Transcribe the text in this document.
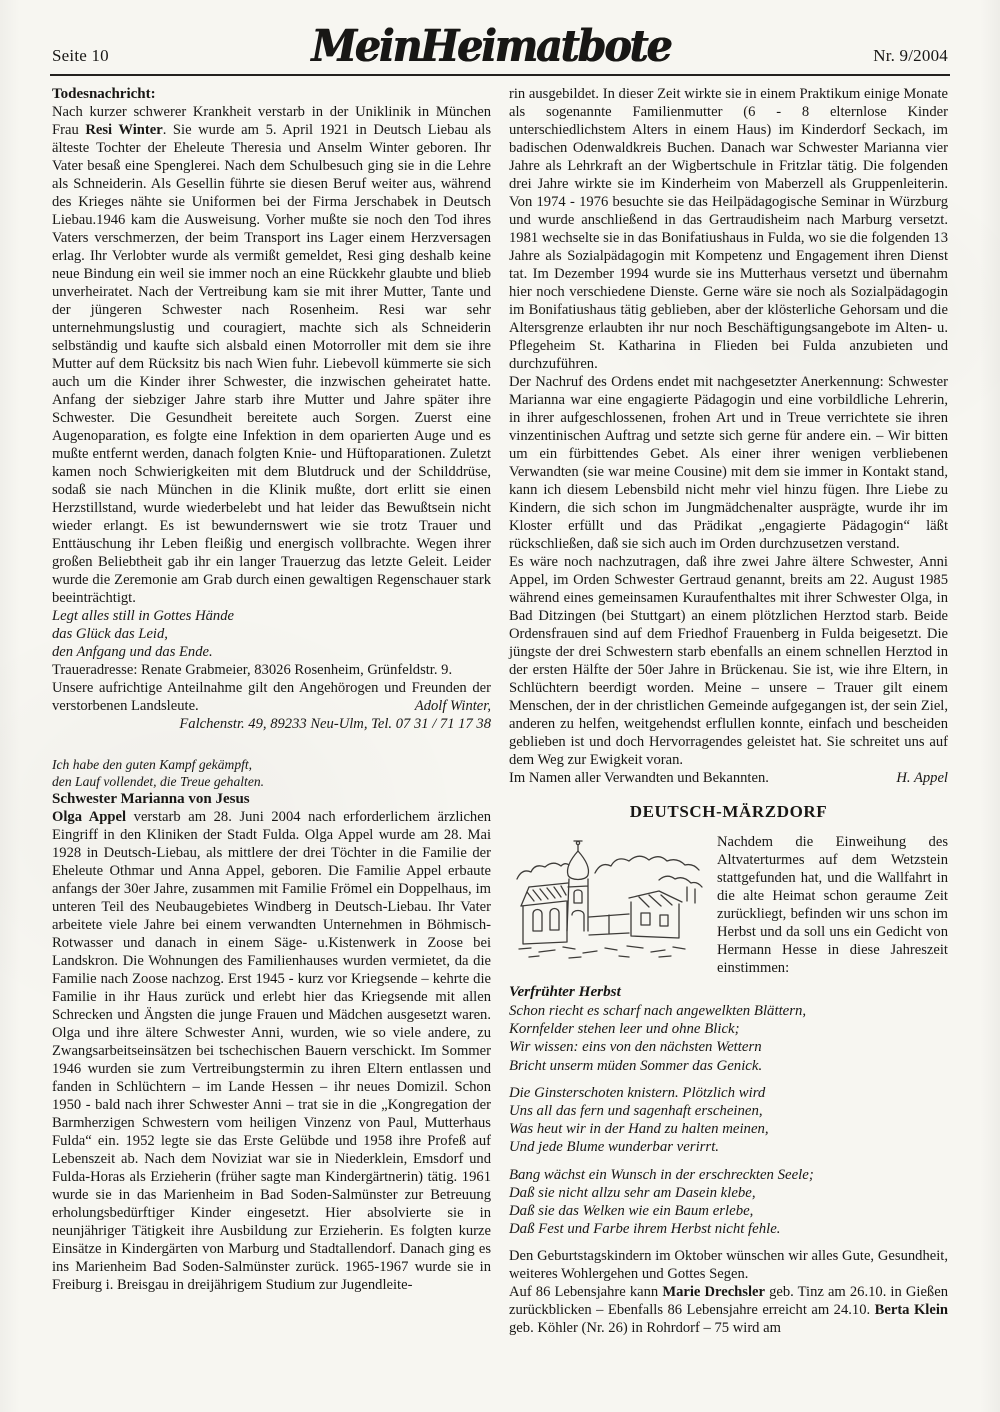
Seite 10	MeinHeimatbote	Nr. 9/2004

Todesnachricht:

Nach kurzer schwerer Krankheit verstarb in der Uniklinik in München Frau Resi Winter. Sie wurde am 5. April 1921 in Deutsch Liebau als älteste Tochter der Eheleute Theresia und Anselm Winter geboren. Ihr Vater besaß eine Spenglerei. Nach dem Schulbesuch ging sie in die Lehre als Schneiderin. Als Gesellin führte sie diesen Beruf weiter aus, während des Krieges nähte sie Uniformen bei der Firma Jerschabek in Deutsch Liebau.1946 kam die Ausweisung. Vorher mußte sie noch den Tod ihres Vaters verschmerzen, der beim Transport ins Lager einem Herzversagen erlag. Ihr Verlobter wurde als vermißt gemeldet, Resi ging deshalb keine neue Bindung ein weil sie immer noch an eine Rückkehr glaubte und blieb unverheiratet. Nach der Vertreibung kam sie mit ihrer Mutter, Tante und der jüngeren Schwester nach Rosenheim. Resi war sehr unternehmungslustig und couragiert, machte sich als Schneiderin selbständig und kaufte sich alsbald einen Motorroller mit dem sie ihre Mutter auf dem Rücksitz bis nach Wien fuhr. Liebevoll kümmerte sie sich auch um die Kinder ihrer Schwester, die inzwischen geheiratet hatte. Anfang der siebziger Jahre starb ihre Mutter und Jahre später ihre Schwester. Die Gesundheit bereitete auch Sorgen. Zuerst eine Augenoparation, es folgte eine Infektion in dem oparierten Auge und es mußte entfernt werden, danach folgten Knie- und Hüftoparationen. Zuletzt kamen noch Schwierigkeiten mit dem Blutdruck und der Schilddrüse, sodaß sie nach München in die Klinik mußte, dort erlitt sie einen Herzstillstand, wurde wiederbelebt und hat leider das Bewußtsein nicht wieder erlangt. Es ist bewundernswert wie sie trotz Trauer und Enttäuschung ihr Leben fleißig und energisch vollbrachte. Wegen ihrer großen Beliebtheit gab ihr ein langer Trauerzug das letzte Geleit. Leider wurde die Zeremonie am Grab durch einen gewaltigen Regenschauer stark beeinträchtigt.

Legt alles still in Gottes Hände
das Glück das Leid,
den Anfgang und das Ende.

Traueradresse: Renate Grabmeier, 83026 Rosenheim, Grünfeldstr. 9.

Unsere aufrichtige Anteilnahme gilt den Angehörogen und Freunden der verstorbenen Landsleute.	Adolf Winter,

Falchenstr. 49, 89233 Neu-Ulm, Tel. 07 31 / 71 17 38
Ich habe den guten Kampf gekämpft,
den Lauf vollendet, die Treue gehalten.

Schwester Marianna von Jesus

Olga Appel verstarb am 28. Juni 2004 nach erforderlichem ärzlichen Eingriff in den Kliniken der Stadt Fulda. Olga Appel wurde am 28. Mai 1928 in Deutsch-Liebau, als mittlere der drei Töchter in die Familie der Eheleute Othmar und Anna Appel, geboren. Die Familie Appel erbaute anfangs der 30er Jahre, zusammen mit Familie Frömel ein Doppelhaus, im unteren Teil des Neubaugebietes Windberg in Deutsch-Liebau. Ihr Vater arbeitete viele Jahre bei einem verwandten Unternehmen in Böhmisch-Rotwasser und danach in einem Säge- u.Kistenwerk in Zoose bei Landskron. Die Wohnungen des Familienhauses wurden vermietet, da die Familie nach Zoose nachzog. Erst 1945 - kurz vor Kriegsende – kehrte die Familie in ihr Haus zurück und erlebt hier das Kriegsende mit allen Schrecken und Ängsten die junge Frauen und Mädchen ausgesetzt waren. Olga und ihre ältere Schwester Anni, wurden, wie so viele andere, zu Zwangsarbeitseinsätzen bei tschechischen Bauern verschickt. Im Sommer 1946 wurden sie zum Vertreibungstermin zu ihren Eltern entlassen und fanden in Schlüchtern – im Lande Hessen – ihr neues Domizil. Schon 1950 - bald nach ihrer Schwester Anni – trat sie in die „Kongregation der Barmherzigen Schwestern vom heiligen Vinzenz von Paul, Mutterhaus Fulda“ ein. 1952 legte sie das Erste Gelübde und 1958 ihre Profeß auf Lebenszeit ab. Nach dem Noviziat war sie in Niederklein, Emsdorf und Fulda-Horas als Erzieherin (früher sagte man Kindergärtnerin) tätig. 1961 wurde sie in das Marienheim in Bad Soden-Salmünster zur Betreuung erholungsbedürftiger Kinder eingesetzt. Hier absolvierte sie in neunjähriger Tätigkeit ihre Ausbildung zur Erzieherin. Es folgten kurze Einsätze in Kindergärten von Marburg und Stadtallendorf. Danach ging es ins Marienheim Bad Soden-Salmünster zurück. 1965-1967 wurde sie in Freiburg i. Breisgau in dreijährigem Studium zur Jugendleite-

rin ausgebildet. In dieser Zeit wirkte sie in einem Praktikum einige Monate als sogenannte Familienmutter (6 - 8 elternlose Kinder unterschiedlichstem Alters in einem Haus) im Kinderdorf Seckach, im badischen Odenwaldkreis Buchen. Danach war Schwester Marianna vier Jahre als Lehrkraft an der Wigbertschule in Fritzlar tätig. Die folgenden drei Jahre wirkte sie im Kinderheim von Maberzell als Gruppenleiterin. Von 1974 - 1976 besuchte sie das Heilpädagogische Seminar in Würzburg und wurde anschließend in das Gertraudisheim nach Marburg versetzt. 1981 wechselte sie in das Bonifatiushaus in Fulda, wo sie die folgenden 13 Jahre als Sozialpädagogin mit Kompetenz und Engagement ihren Dienst tat. Im Dezember 1994 wurde sie ins Mutterhaus versetzt und übernahm hier noch verschiedene Dienste. Gerne wäre sie noch als Sozialpädagogin im Bonifatiushaus tätig geblieben, aber der klösterliche Gehorsam und die Altersgrenze erlaubten ihr nur noch Beschäftigungsangebote im Alten- u. Pflegeheim St. Katharina in Flieden bei Fulda anzubieten und durchzuführen.

Der Nachruf des Ordens endet mit nachgesetzter Anerkennung: Schwester Marianna war eine engagierte Pädagogin und eine vorbildliche Lehrerin, in ihrer aufgeschlossenen, frohen Art und in Treue verrichtete sie ihren vinzentinischen Auftrag und setzte sich gerne für andere ein. – Wir bitten um ein fürbittendes Gebet. Als einer ihrer wenigen verbliebenen Verwandten (sie war meine Cousine) mit dem sie immer in Kontakt stand, kann ich diesem Lebensbild nicht mehr viel hinzu fügen. Ihre Liebe zu Kindern, die sich schon im Jungmädchenalter ausprägte, wurde ihr im Kloster erfüllt und das Prädikat „engagierte Pädagogin“ läßt rückschließen, daß sie sich auch im Orden durchzusetzen verstand.

Es wäre noch nachzutragen, daß ihre zwei Jahre ältere Schwester, Anni Appel, im Orden Schwester Gertraud genannt, breits am 22. August 1985 während eines gemeinsamen Kuraufenthaltes mit ihrer Schwester Olga, in Bad Ditzingen (bei Stuttgart) an einem plötzlichen Herztod starb. Beide Ordensfrauen sind auf dem Friedhof Frauenberg in Fulda beigesetzt. Die jüngste der drei Schwestern starb ebenfalls an einem schnellen Herztod in der ersten Hälfte der 50er Jahre in Brückenau. Sie ist, wie ihre Eltern, in Schlüchtern beerdigt worden. Meine – unsere – Trauer gilt einem Menschen, der in der christlichen Gemeinde aufgegangen ist, der sein Ziel, anderen zu helfen, weitgehendst erflullen konnte, einfach und bescheiden geblieben ist und doch Hervorragendes geleistet hat. Sie schreitet uns auf dem Weg zur Ewigkeit voran.

Im Namen aller Verwandten und Bekannten.	H. Appel

DEUTSCH-MÄRZDORF

Nachdem die Einweihung des Altvaterturmes auf dem Wetzstein stattgefunden hat, und die Wallfahrt in die alte Heimat schon geraume Zeit zurückliegt, befinden wir uns schon im Herbst und da soll uns ein Gedicht von Hermann Hesse in diese Jahreszeit einstimmen:

Verfrühter Herbst
Schon riecht es scharf nach angewelkten Blättern,
Kornfelder stehen leer und ohne Blick;
Wir wissen: eins von den nächsten Wettern
Bricht unserm müden Sommer das Genick.
Die Ginsterschoten knistern. Plötzlich wird
Uns all das fern und sagenhaft erscheinen,
Was heut wir in der Hand zu halten meinen,
Und jede Blume wunderbar verirrt.
Bang wächst ein Wunsch in der erschreckten Seele;
Daß sie nicht allzu sehr am Dasein klebe,
Daß sie das Welken wie ein Baum erlebe,
Daß Fest und Farbe ihrem Herbst nicht fehle.

Den Geburtstagskindern im Oktober wünschen wir alles Gute, Gesundheit, weiteres Wohlergehen und Gottes Segen.

Auf 86 Lebensjahre kann Marie Drechsler geb. Tinz am 26.10. in Gießen zurückblicken – Ebenfalls 86 Lebensjahre erreicht am 24.10. Berta Klein geb. Köhler (Nr. 26) in Rohrdorf – 75 wird am
